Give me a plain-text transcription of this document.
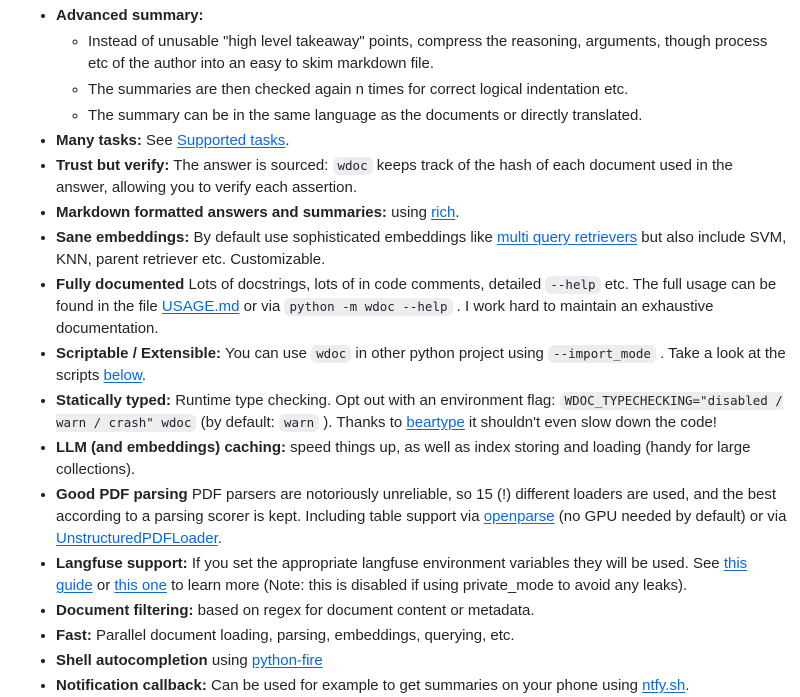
• Advanced summary:
◦ Instead of unusable "high level takeaway" points, compress the reasoning, arguments, though process etc of the author into an easy to skim markdown file.
◦ The summaries are then checked again n times for correct logical indentation etc.
◦ The summary can be in the same language as the documents or directly translated.
• Many tasks: See Supported tasks.
• Trust but verify: The answer is sourced: wdoc keeps track of the hash of each document used in the answer, allowing you to verify each assertion.
• Markdown formatted answers and summaries: using rich.
• Sane embeddings: By default use sophisticated embeddings like multi query retrievers but also include SVM, KNN, parent retriever etc. Customizable.
• Fully documented Lots of docstrings, lots of in code comments, detailed --help etc. The full usage can be found in the file USAGE.md or via python -m wdoc --help . I work hard to maintain an exhaustive documentation.
• Scriptable / Extensible: You can use wdoc in other python project using --import_mode . Take a look at the scripts below.
• Statically typed: Runtime type checking. Opt out with an environment flag: WDOC_TYPECHECKING="disabled / warn / crash" wdoc (by default: warn ). Thanks to beartype it shouldn't even slow down the code!
• LLM (and embeddings) caching: speed things up, as well as index storing and loading (handy for large collections).
• Good PDF parsing PDF parsers are notoriously unreliable, so 15 (!) different loaders are used, and the best according to a parsing scorer is kept. Including table support via openparse (no GPU needed by default) or via UnstructuredPDFLoader.
• Langfuse support: If you set the appropriate langfuse environment variables they will be used. See this guide or this one to learn more (Note: this is disabled if using private_mode to avoid any leaks).
• Document filtering: based on regex for document content or metadata.
• Fast: Parallel document loading, parsing, embeddings, querying, etc.
• Shell autocompletion using python-fire
• Notification callback: Can be used for example to get summaries on your phone using ntfy.sh.
